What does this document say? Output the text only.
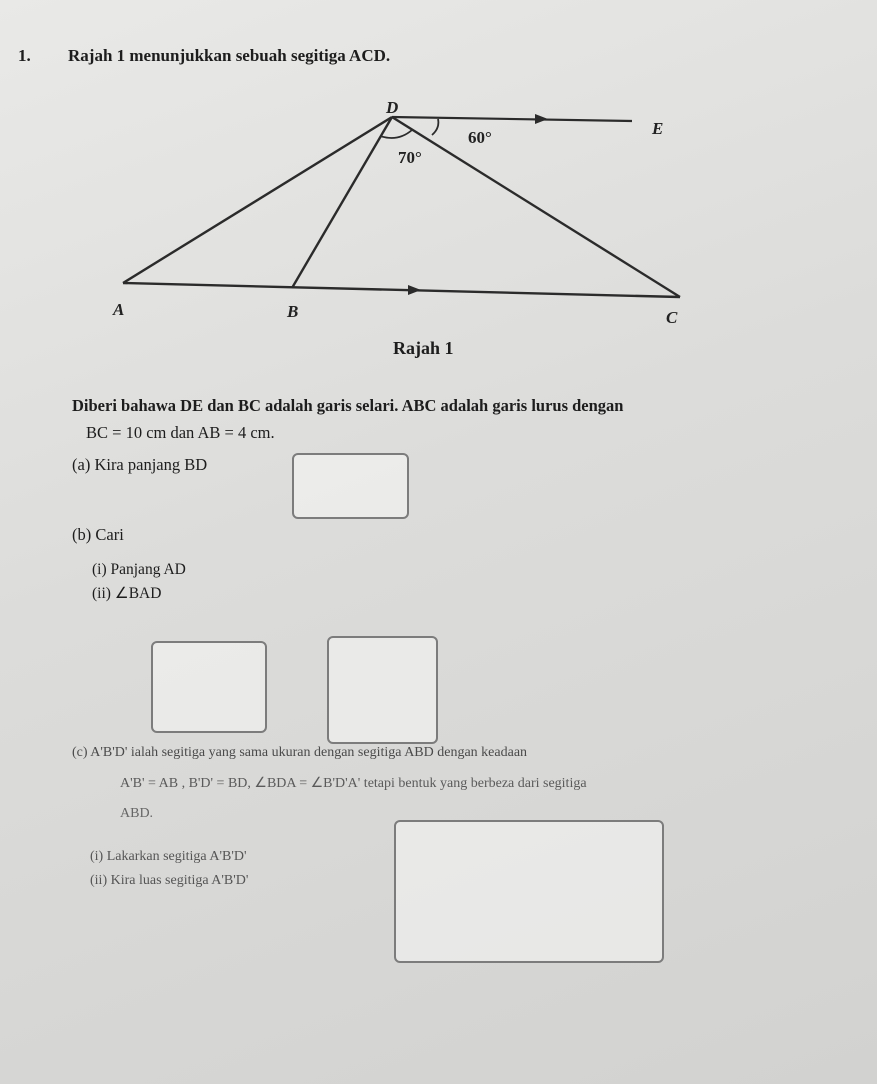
1. Rajah 1 menunjukkan sebuah segitiga ACD.
D
E
A	B	C
70°
60°
Rajah 1
Diberi bahawa DE dan BC adalah garis selari. ABC adalah garis lurus dengan
BC = 10 cm dan AB = 4 cm.
(a) Kira panjang BD
(b) Cari
(i) Panjang AD
(ii) ∠BAD
(c) A'B'D' ialah segitiga yang sama ukuran dengan segitiga ABD dengan keadaan
A'B' = AB , B'D' = BD, ∠BDA = ∠B'D'A' tetapi bentuk yang berbeza dari segitiga
ABD.
(i) Lakarkan segitiga A'B'D'
(ii) Kira luas segitiga A'B'D'
